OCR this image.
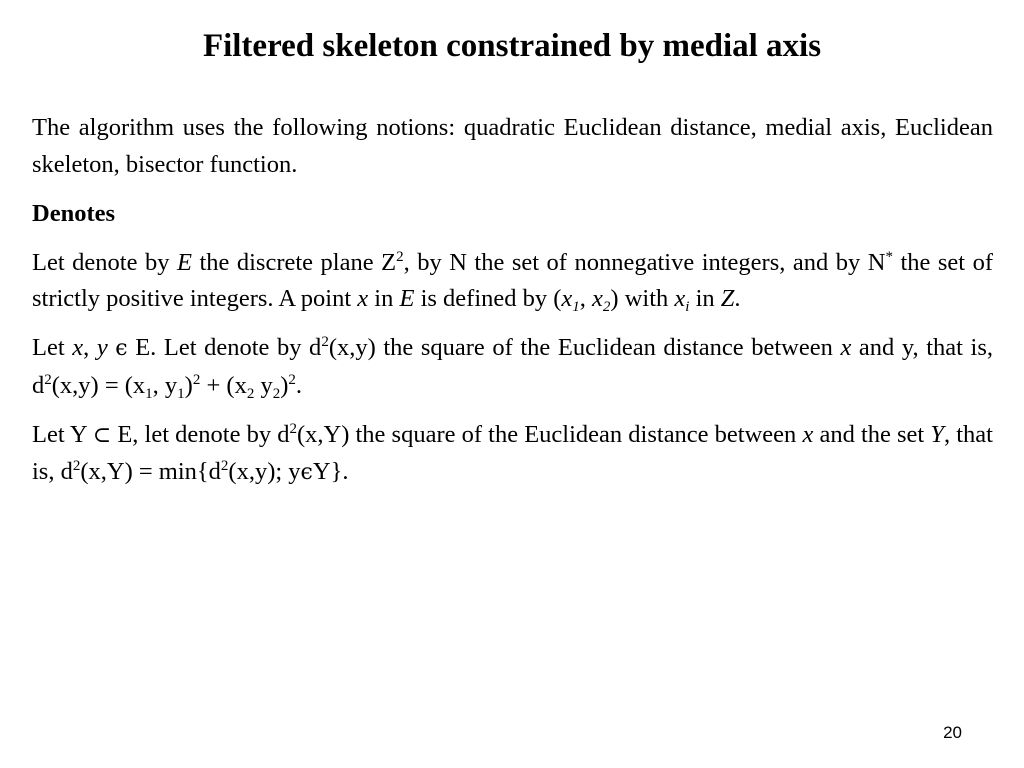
Filtered skeleton constrained by medial axis

The algorithm uses the following notions: quadratic Euclidean distance, medial axis, Euclidean skeleton, bisector function.

Denotes

Let denote by E the discrete plane $Z^2$, by N the set of nonnegative integers, and by N* the set of strictly positive integers. A point x in E is defined by ($x_1$, $x_2$) with $x_i$ in Z.

Let x, y ϵ E. Let denote by $d^2(x,y)$ the square of the Euclidean distance between x and y, that is, $d^2(x,y) = (x_1$, $y_1)^2 + (x_2$ $y_2)^2$.

Let Y ⊂ E, let denote by $d^2(x,Y)$ the square of the Euclidean distance between x and the set Y, that is, $d^2(x,Y) = \min\{d^2(x,y)$; yϵY}.

20
